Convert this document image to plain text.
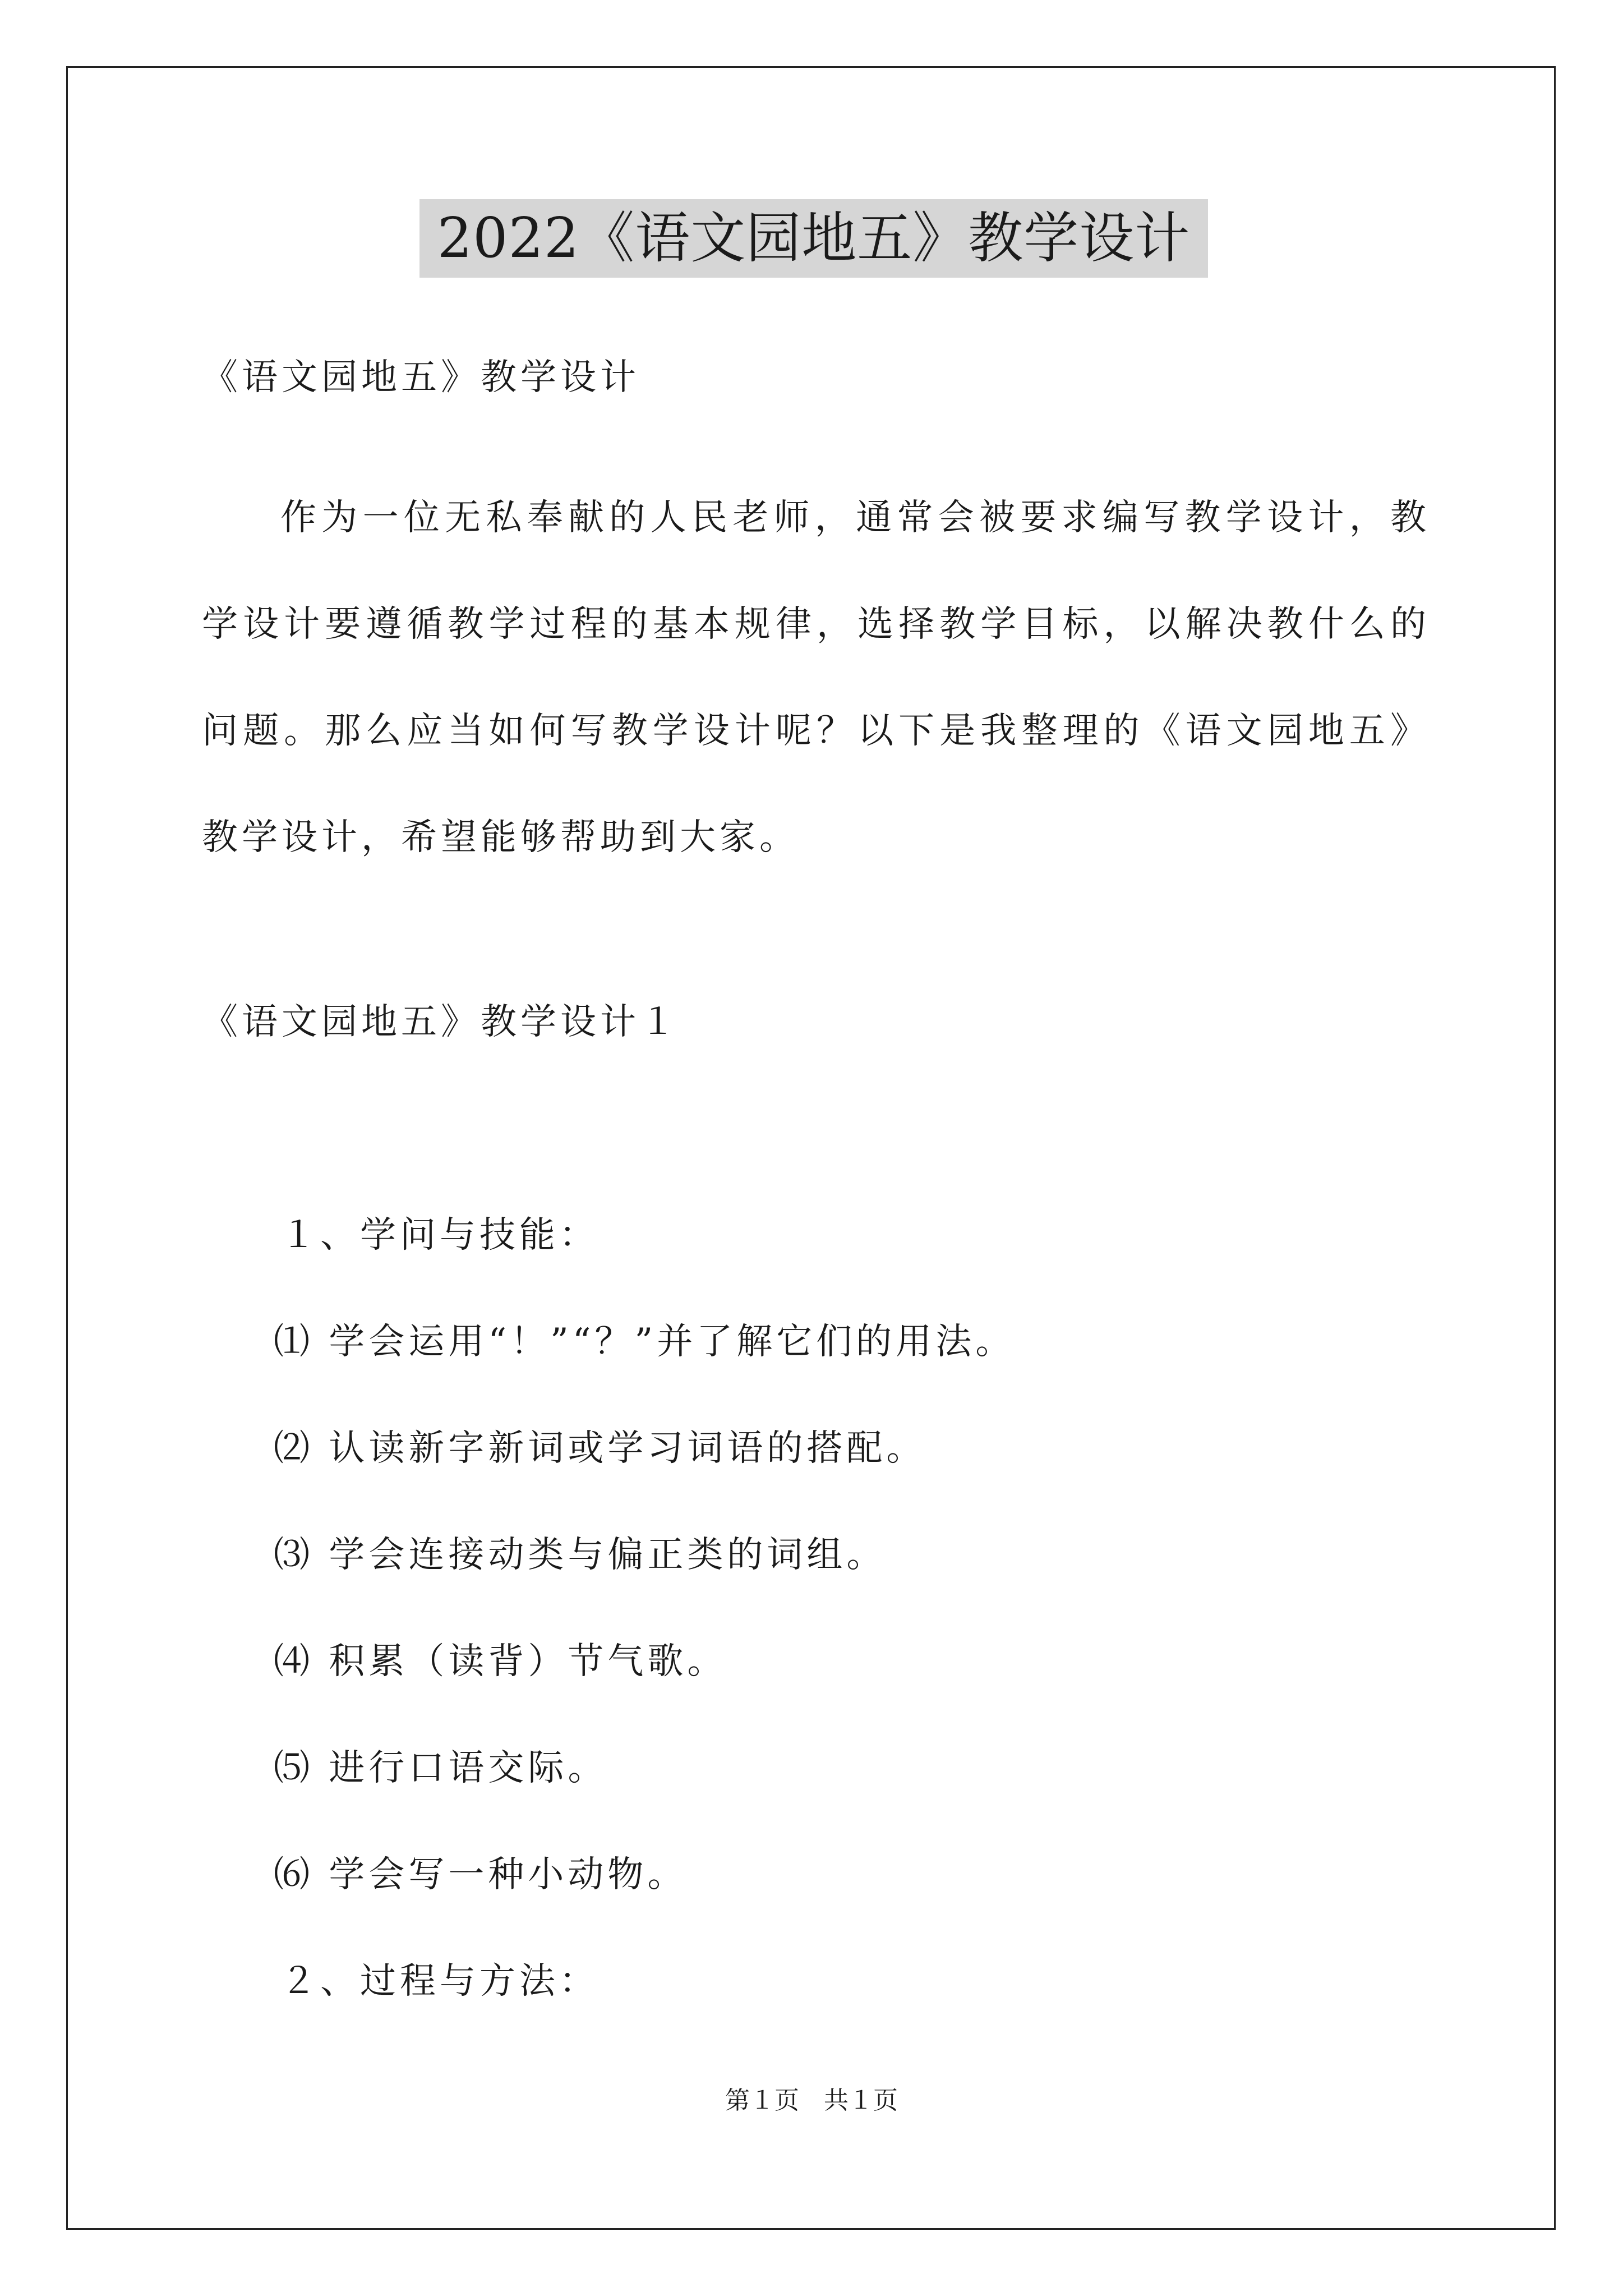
2022《语文园地五》教学设计
《语文园地五》教学设计
作为一位无私奉献的人民老师，通常会被要求编写教学设计，教学设计要遵循教学过程的基本规律，选择教学目标，以解决教什么的问题。那么应当如何写教学设计呢？以下是我整理的《语文园地五》教学设计，希望能够帮助到大家。
《语文园地五》教学设计１
１、学问与技能：
⑴ 学会运用“！”“？”并了解它们的用法。
⑵ 认读新字新词或学习词语的搭配。
⑶ 学会连接动类与偏正类的词组。
⑷ 积累（读背）节气歌。
⑸ 进行口语交际。
⑹ 学会写一种小动物。
２、过程与方法：
第１页　共１页
